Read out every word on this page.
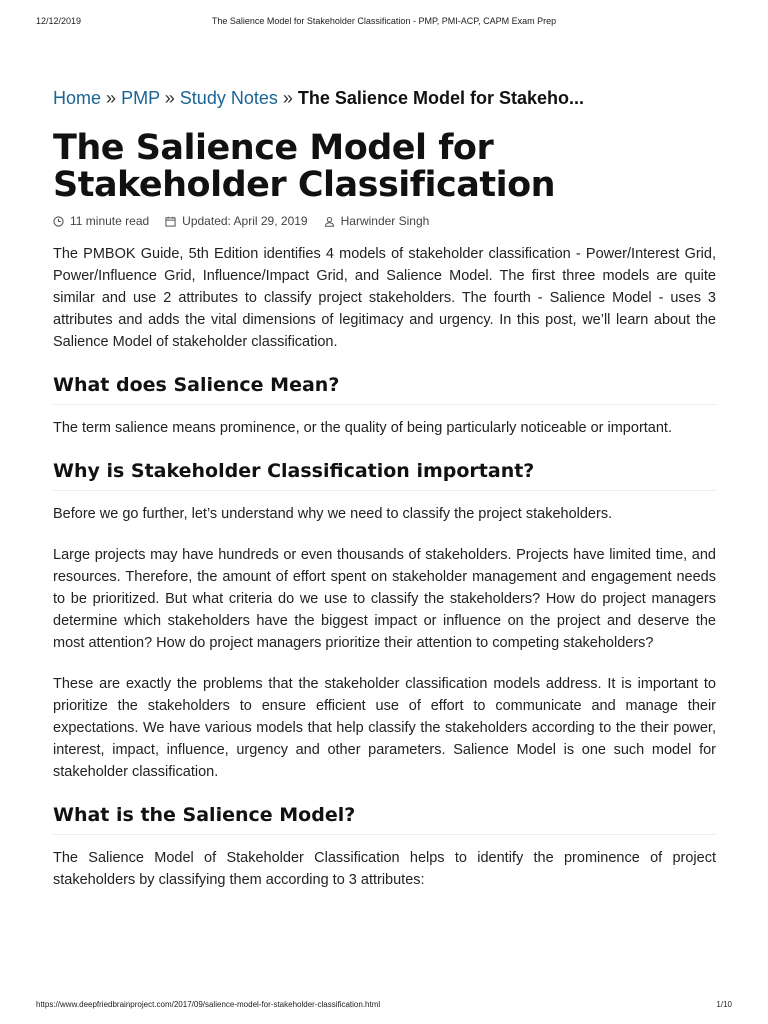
12/12/2019	The Salience Model for Stakeholder Classification - PMP, PMI-ACP, CAPM Exam Prep
Home » PMP » Study Notes » The Salience Model for Stakeho...
The Salience Model for Stakeholder Classification
11 minute read	Updated: April 29, 2019	Harwinder Singh

The PMBOK Guide, 5th Edition identifies 4 models of stakeholder classification - Power/Interest Grid, Power/Influence Grid, Influence/Impact Grid, and Salience Model. The first three models are quite similar and use 2 attributes to classify project stakeholders. The fourth - Salience Model - uses 3 attributes and adds the vital dimensions of legitimacy and urgency. In this post, we’ll learn about the Salience Model of stakeholder classification.

What does Salience Mean?

The term salience means prominence, or the quality of being particularly noticeable or important.

Why is Stakeholder Classification important?

Before we go further, let’s understand why we need to classify the project stakeholders.

Large projects may have hundreds or even thousands of stakeholders. Projects have limited time, and resources. Therefore, the amount of effort spent on stakeholder management and engagement needs to be prioritized. But what criteria do we use to classify the stakeholders? How do project managers determine which stakeholders have the biggest impact or influence on the project and deserve the most attention? How do project managers prioritize their attention to competing stakeholders?

These are exactly the problems that the stakeholder classification models address. It is important to prioritize the stakeholders to ensure efficient use of effort to communicate and manage their expectations. We have various models that help classify the stakeholders according to the their power, interest, impact, influence, urgency and other parameters. Salience Model is one such model for stakeholder classification.

What is the Salience Model?

The Salience Model of Stakeholder Classification helps to identify the prominence of project stakeholders by classifying them according to 3 attributes:

https://www.deepfriedbrainproject.com/2017/09/salience-model-for-stakeholder-classification.html	1/10
